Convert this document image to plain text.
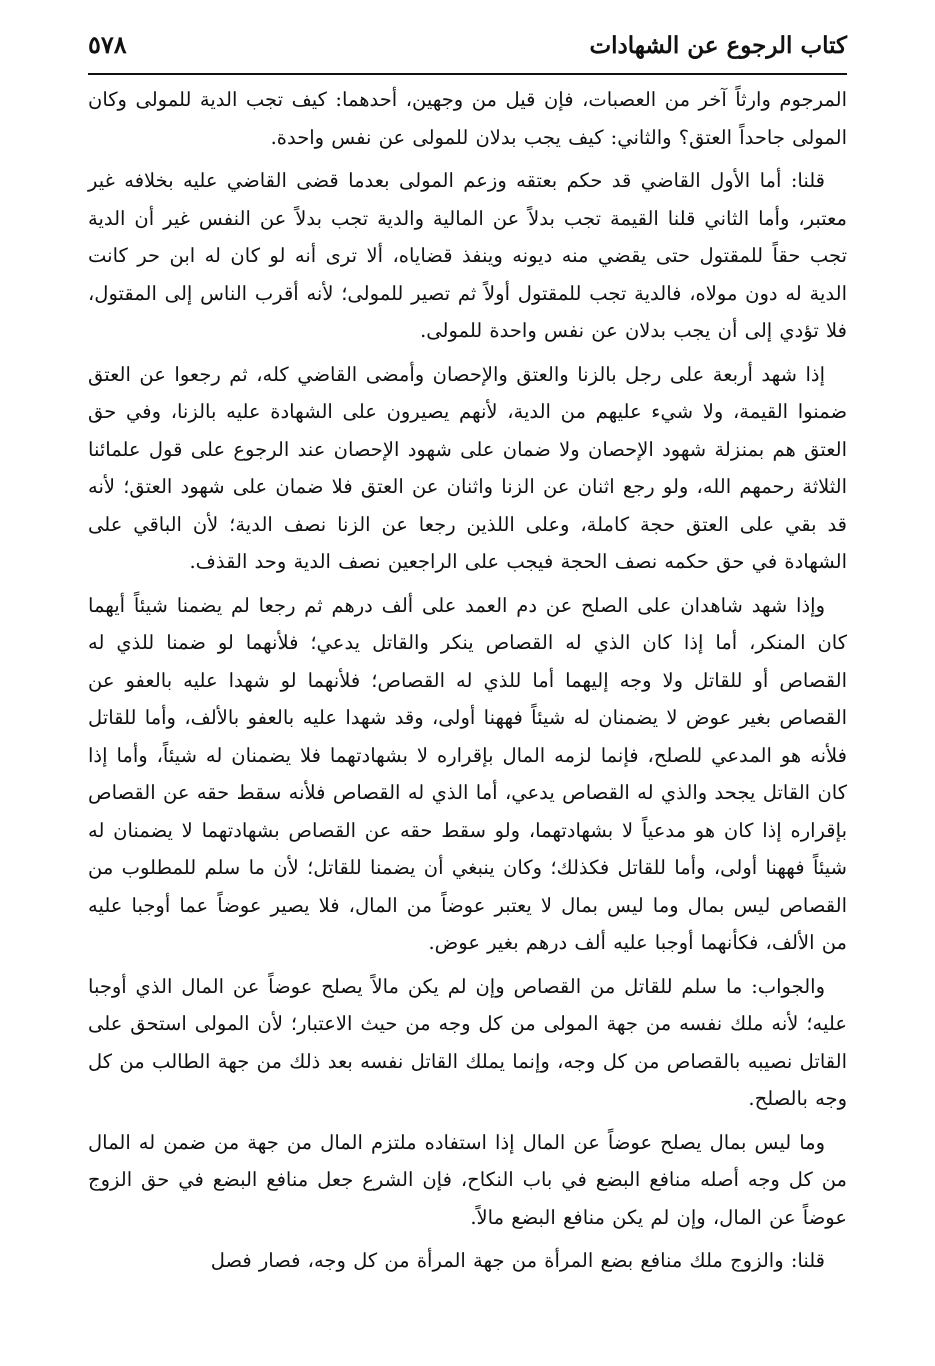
كتاب الرجوع عن الشهادات
٥٧٨

المرجوم وارثاً آخر من العصبات، فإن قيل من وجهين، أحدهما: كيف تجب الدية للمولى وكان المولى جاحداً العتق؟ والثاني: كيف يجب بدلان للمولى عن نفس واحدة.

قلنا: أما الأول القاضي قد حكم بعتقه وزعم المولى بعدما قضى القاضي عليه بخلافه غير معتبر، وأما الثاني قلنا القيمة تجب بدلاً عن المالية والدية تجب بدلاً عن النفس غير أن الدية تجب حقاً للمقتول حتى يقضي منه ديونه وينفذ قضاياه، ألا ترى أنه لو كان له ابن حر كانت الدية له دون مولاه، فالدية تجب للمقتول أولاً ثم تصير للمولى؛ لأنه أقرب الناس إلى المقتول، فلا تؤدي إلى أن يجب بدلان عن نفس واحدة للمولى.

إذا شهد أربعة على رجل بالزنا والعتق والإحصان وأمضى القاضي كله، ثم رجعوا عن العتق ضمنوا القيمة، ولا شيء عليهم من الدية، لأنهم يصيرون على الشهادة عليه بالزنا، وفي حق العتق هم بمنزلة شهود الإحصان ولا ضمان على شهود الإحصان عند الرجوع على قول علمائنا الثلاثة رحمهم الله، ولو رجع اثنان عن الزنا واثنان عن العتق فلا ضمان على شهود العتق؛ لأنه قد بقي على العتق حجة كاملة، وعلى اللذين رجعا عن الزنا نصف الدية؛ لأن الباقي على الشهادة في حق حكمه نصف الحجة فيجب على الراجعين نصف الدية وحد القذف.

وإذا شهد شاهدان على الصلح عن دم العمد على ألف درهم ثم رجعا لم يضمنا شيئاً أيهما كان المنكر، أما إذا كان الذي له القصاص ينكر والقاتل يدعي؛ فلأنهما لو ضمنا للذي له القصاص أو للقاتل ولا وجه إليهما أما للذي له القصاص؛ فلأنهما لو شهدا عليه بالعفو عن القصاص بغير عوض لا يضمنان له شيئاً فههنا أولى، وقد شهدا عليه بالعفو بالألف، وأما للقاتل فلأنه هو المدعي للصلح، فإنما لزمه المال بإقراره لا بشهادتهما فلا يضمنان له شيئاً، وأما إذا كان القاتل يجحد والذي له القصاص يدعي، أما الذي له القصاص فلأنه سقط حقه عن القصاص بإقراره إذا كان هو مدعياً لا بشهادتهما، ولو سقط حقه عن القصاص بشهادتهما لا يضمنان له شيئاً فههنا أولى، وأما للقاتل فكذلك؛ وكان ينبغي أن يضمنا للقاتل؛ لأن ما سلم للمطلوب من القصاص ليس بمال وما ليس بمال لا يعتبر عوضاً من المال، فلا يصير عوضاً عما أوجبا عليه من الألف، فكأنهما أوجبا عليه ألف درهم بغير عوض.

والجواب: ما سلم للقاتل من القصاص وإن لم يكن مالاً يصلح عوضاً عن المال الذي أوجبا عليه؛ لأنه ملك نفسه من جهة المولى من كل وجه من حيث الاعتبار؛ لأن المولى استحق على القاتل نصيبه بالقصاص من كل وجه، وإنما يملك القاتل نفسه بعد ذلك من جهة الطالب من كل وجه بالصلح.

وما ليس بمال يصلح عوضاً عن المال إذا استفاده ملتزم المال من جهة من ضمن له المال من كل وجه أصله منافع البضع في باب النكاح، فإن الشرع جعل منافع البضع في حق الزوج عوضاً عن المال، وإن لم يكن منافع البضع مالاً.

قلنا: والزوج ملك منافع بضع المرأة من جهة المرأة من كل وجه، فصار فصل
